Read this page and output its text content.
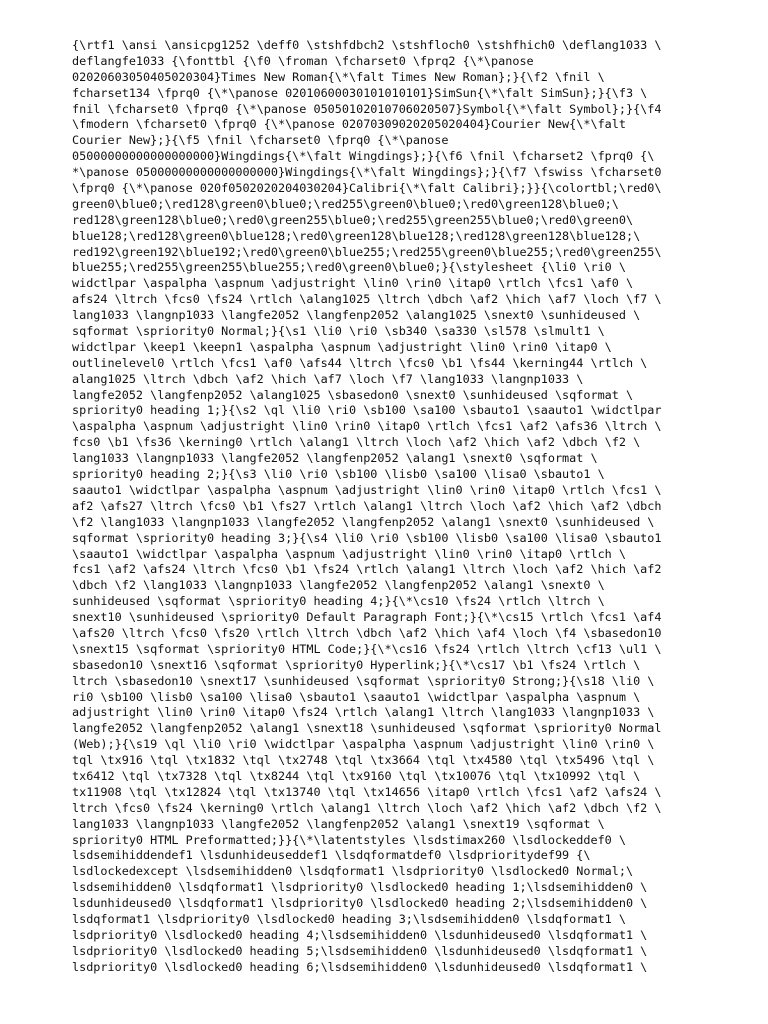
{\rtf1 \ansi \ansicpg1252 \deff0 \stshfdbch2 \stshfloch0 \stshfhich0 \deflang1033 \
deflangfe1033 {\fonttbl {\f0 \froman \fcharset0 \fprq2 {\*\panose
02020603050405020304}Times New Roman{\*\falt Times New Roman};}{\f2 \fnil \
fcharset134 \fprq0 {\*\panose 02010600030101010101}SimSun{\*\falt SimSun};}{\f3 \
fnil \fcharset0 \fprq0 {\*\panose 05050102010706020507}Symbol{\*\falt Symbol};}{\f4
\fmodern \fcharset0 \fprq0 {\*\panose 02070309020205020404}Courier New{\*\falt
Courier New};}{\f5 \fnil \fcharset0 \fprq0 {\*\panose
05000000000000000000}Wingdings{\*\falt Wingdings};}{\f6 \fnil \fcharset2 \fprq0 {\
*\panose 05000000000000000000}Wingdings{\*\falt Wingdings};}{\f7 \fswiss \fcharset0
\fprq0 {\*\panose 020f0502020204030204}Calibri{\*\falt Calibri};}}{\colortbl;\red0\
green0\blue0;\red128\green0\blue0;\red255\green0\blue0;\red0\green128\blue0;\
red128\green128\blue0;\red0\green255\blue0;\red255\green255\blue0;\red0\green0\
blue128;\red128\green0\blue128;\red0\green128\blue128;\red128\green128\blue128;\
red192\green192\blue192;\red0\green0\blue255;\red255\green0\blue255;\red0\green255\
blue255;\red255\green255\blue255;\red0\green0\blue0;}{\stylesheet {\li0 \ri0 \
widctlpar \aspalpha \aspnum \adjustright \lin0 \rin0 \itap0 \rtlch \fcs1 \af0 \
afs24 \ltrch \fcs0 \fs24 \rtlch \alang1025 \ltrch \dbch \af2 \hich \af7 \loch \f7 \
lang1033 \langnp1033 \langfe2052 \langfenp2052 \alang1025 \snext0 \sunhideused \
sqformat \spriority0 Normal;}{\s1 \li0 \ri0 \sb340 \sa330 \sl578 \slmult1 \
widctlpar \keep1 \keepn1 \aspalpha \aspnum \adjustright \lin0 \rin0 \itap0 \
outlinelevel0 \rtlch \fcs1 \af0 \afs44 \ltrch \fcs0 \b1 \fs44 \kerning44 \rtlch \
alang1025 \ltrch \dbch \af2 \hich \af7 \loch \f7 \lang1033 \langnp1033 \
langfe2052 \langfenp2052 \alang1025 \sbasedon0 \snext0 \sunhideused \sqformat \
spriority0 heading 1;}{\s2 \ql \li0 \ri0 \sb100 \sa100 \sbauto1 \saauto1 \widctlpar
\aspalpha \aspnum \adjustright \lin0 \rin0 \itap0 \rtlch \fcs1 \af2 \afs36 \ltrch \
fcs0 \b1 \fs36 \kerning0 \rtlch \alang1 \ltrch \loch \af2 \hich \af2 \dbch \f2 \
lang1033 \langnp1033 \langfe2052 \langfenp2052 \alang1 \snext0 \sqformat \
spriority0 heading 2;}{\s3 \li0 \ri0 \sb100 \lisb0 \sa100 \lisa0 \sbauto1 \
saauto1 \widctlpar \aspalpha \aspnum \adjustright \lin0 \rin0 \itap0 \rtlch \fcs1 \
af2 \afs27 \ltrch \fcs0 \b1 \fs27 \rtlch \alang1 \ltrch \loch \af2 \hich \af2 \dbch
\f2 \lang1033 \langnp1033 \langfe2052 \langfenp2052 \alang1 \snext0 \sunhideused \
sqformat \spriority0 heading 3;}{\s4 \li0 \ri0 \sb100 \lisb0 \sa100 \lisa0 \sbauto1
\saauto1 \widctlpar \aspalpha \aspnum \adjustright \lin0 \rin0 \itap0 \rtlch \
fcs1 \af2 \afs24 \ltrch \fcs0 \b1 \fs24 \rtlch \alang1 \ltrch \loch \af2 \hich \af2
\dbch \f2 \lang1033 \langnp1033 \langfe2052 \langfenp2052 \alang1 \snext0 \
sunhideused \sqformat \spriority0 heading 4;}{\*\cs10 \fs24 \rtlch \ltrch \
snext10 \sunhideused \spriority0 Default Paragraph Font;}{\*\cs15 \rtlch \fcs1 \af4
\afs20 \ltrch \fcs0 \fs20 \rtlch \ltrch \dbch \af2 \hich \af4 \loch \f4 \sbasedon10
\snext15 \sqformat \spriority0 HTML Code;}{\*\cs16 \fs24 \rtlch \ltrch \cf13 \ul1 \
sbasedon10 \snext16 \sqformat \spriority0 Hyperlink;}{\*\cs17 \b1 \fs24 \rtlch \
ltrch \sbasedon10 \snext17 \sunhideused \sqformat \spriority0 Strong;}{\s18 \li0 \
ri0 \sb100 \lisb0 \sa100 \lisa0 \sbauto1 \saauto1 \widctlpar \aspalpha \aspnum \
adjustright \lin0 \rin0 \itap0 \fs24 \rtlch \alang1 \ltrch \lang1033 \langnp1033 \
langfe2052 \langfenp2052 \alang1 \snext18 \sunhideused \sqformat \spriority0 Normal
(Web);}{\s19 \ql \li0 \ri0 \widctlpar \aspalpha \aspnum \adjustright \lin0 \rin0 \
tql \tx916 \tql \tx1832 \tql \tx2748 \tql \tx3664 \tql \tx4580 \tql \tx5496 \tql \
tx6412 \tql \tx7328 \tql \tx8244 \tql \tx9160 \tql \tx10076 \tql \tx10992 \tql \
tx11908 \tql \tx12824 \tql \tx13740 \tql \tx14656 \itap0 \rtlch \fcs1 \af2 \afs24 \
ltrch \fcs0 \fs24 \kerning0 \rtlch \alang1 \ltrch \loch \af2 \hich \af2 \dbch \f2 \
lang1033 \langnp1033 \langfe2052 \langfenp2052 \alang1 \snext19 \sqformat \
spriority0 HTML Preformatted;}}{\*\latentstyles \lsdstimax260 \lsdlockeddef0 \
lsdsemihiddendef1 \lsdunhideuseddef1 \lsdqformatdef0 \lsdprioritydef99 {\
lsdlockedexcept \lsdsemihidden0 \lsdqformat1 \lsdpriority0 \lsdlocked0 Normal;\
lsdsemihidden0 \lsdqformat1 \lsdpriority0 \lsdlocked0 heading 1;\lsdsemihidden0 \
lsdunhideused0 \lsdqformat1 \lsdpriority0 \lsdlocked0 heading 2;\lsdsemihidden0 \
lsdqformat1 \lsdpriority0 \lsdlocked0 heading 3;\lsdsemihidden0 \lsdqformat1 \
lsdpriority0 \lsdlocked0 heading 4;\lsdsemihidden0 \lsdunhideused0 \lsdqformat1 \
lsdpriority0 \lsdlocked0 heading 5;\lsdsemihidden0 \lsdunhideused0 \lsdqformat1 \
lsdpriority0 \lsdlocked0 heading 6;\lsdsemihidden0 \lsdunhideused0 \lsdqformat1 \
